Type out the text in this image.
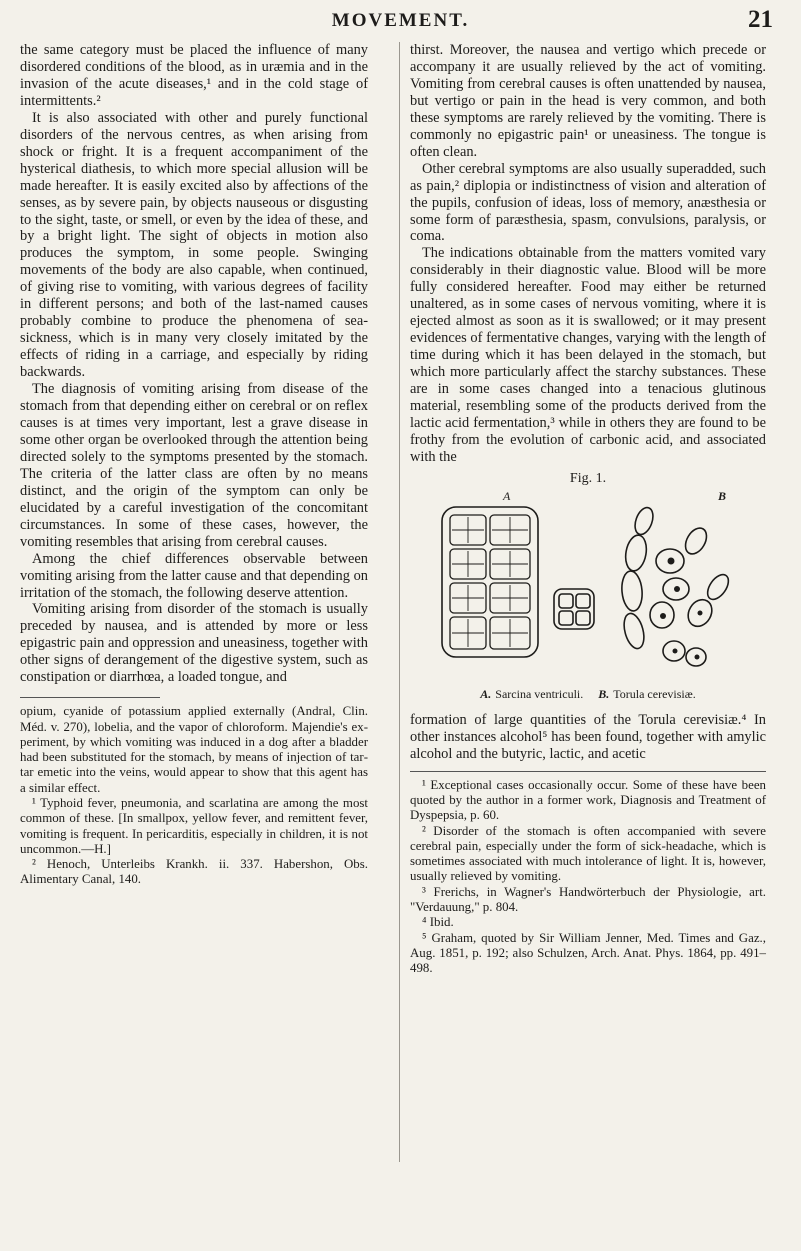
MOVEMENT.	21

the same category must be placed the influence of many disordered conditions of the blood, as in uræmia and in the invasion of the acute diseases,¹ and in the cold stage of intermittents.²

It is also associated with other and purely functional disorders of the nervous centres, as when arising from shock or fright. It is a frequent accompaniment of the hysterical diathesis, to which more special allusion will be made hereafter. It is easily excited also by affections of the senses, as by severe pain, by objects nauseous or disgusting to the sight, taste, or smell, or even by the idea of these, and by a bright light. The sight of objects in motion also produces the symptom, in some people. Swinging movements of the body are also capable, when continued, of giving rise to vomiting, with various degrees of facility in different persons; and both of the last-named causes probably combine to produce the phenomena of sea-sickness, which is in many very closely imitated by the effects of riding in a carriage, and especially by riding backwards.

The diagnosis of vomiting arising from disease of the stomach from that depending either on cerebral or on reflex causes is at times very important, lest a grave disease in some other organ be overlooked through the attention being directed solely to the symptoms presented by the stomach. The criteria of the latter class are often by no means distinct, and the origin of the symptom can only be elucidated by a careful investigation of the concomitant circumstances. In some of these cases, however, the vomiting resembles that arising from cerebral causes.

Among the chief differences observable between vomiting arising from the latter cause and that depending on irritation of the stomach, the following deserve attention.

Vomiting arising from disorder of the stomach is usually preceded by nausea, and is attended by more or less epigastric pain and oppression and uneasiness, together with other signs of derangement of the digestive system, such as constipation or diarrhœa, a loaded tongue, and

opium, cyanide of potassium applied externally (Andral, Clin. Méd. v. 270), lobelia, and the vapor of chloroform. Majendie's experiment, by which vomiting was induced in a dog after a bladder had been substituted for the stomach, by means of injection of tartar emetic into the veins, would appear to show that this agent has a similar effect.

¹ Typhoid fever, pneumonia, and scarlatina are among the most common of these. [In smallpox, yellow fever, and remittent fever, vomiting is frequent. In pericarditis, especially in children, it is not uncommon.—H.]

² Henoch, Unterleibs Krankh. ii. 337. Habershon, Obs. Alimentary Canal, 140.

thirst. Moreover, the nausea and vertigo which precede or accompany it are usually relieved by the act of vomiting. Vomiting from cerebral causes is often unattended by nausea, but vertigo or pain in the head is very common, and both these symptoms are rarely relieved by the vomiting. There is commonly no epigastric pain¹ or uneasiness. The tongue is often clean.

Other cerebral symptoms are also usually superadded, such as pain,² diplopia or indistinctness of vision and alteration of the pupils, confusion of ideas, loss of memory, anæsthesia or some form of paræsthesia, spasm, convulsions, paralysis, or coma.

The indications obtainable from the matters vomited vary considerably in their diagnostic value. Blood will be more fully considered hereafter. Food may either be returned unaltered, as in some cases of nervous vomiting, where it is ejected almost as soon as it is swallowed; or it may present evidences of fermentative changes, varying with the length of time during which it has been delayed in the stomach, but which more particularly affect the starchy substances. These are in some cases changed into a tenacious glutinous material, resembling some of the products derived from the lactic acid fermentation,³ while in others they are found to be frothy from the evolution of carbonic acid, and associated with the

Fig. 1.
A	B
A. Sarcina ventriculi. B. Torula cerevisiæ.

formation of large quantities of the Torula cerevisiæ.⁴ In other instances alcohol⁵ has been found, together with amylic alcohol and the butyric, lactic, and acetic

¹ Exceptional cases occasionally occur. Some of these have been quoted by the author in a former work, Diagnosis and Treatment of Dyspepsia, p. 60.

² Disorder of the stomach is often accompanied with severe cerebral pain, especially under the form of sick-headache, which is sometimes associated with much intolerance of light. It is, however, usually relieved by vomiting.

³ Frerichs, in Wagner's Handwörterbuch der Physiologie, art. "Verdauung," p. 804.

⁴ Ibid.

⁵ Graham, quoted by Sir William Jenner, Med. Times and Gaz., Aug. 1851, p. 192; also Schulzen, Arch. Anat. Phys. 1864, pp. 491–498.
